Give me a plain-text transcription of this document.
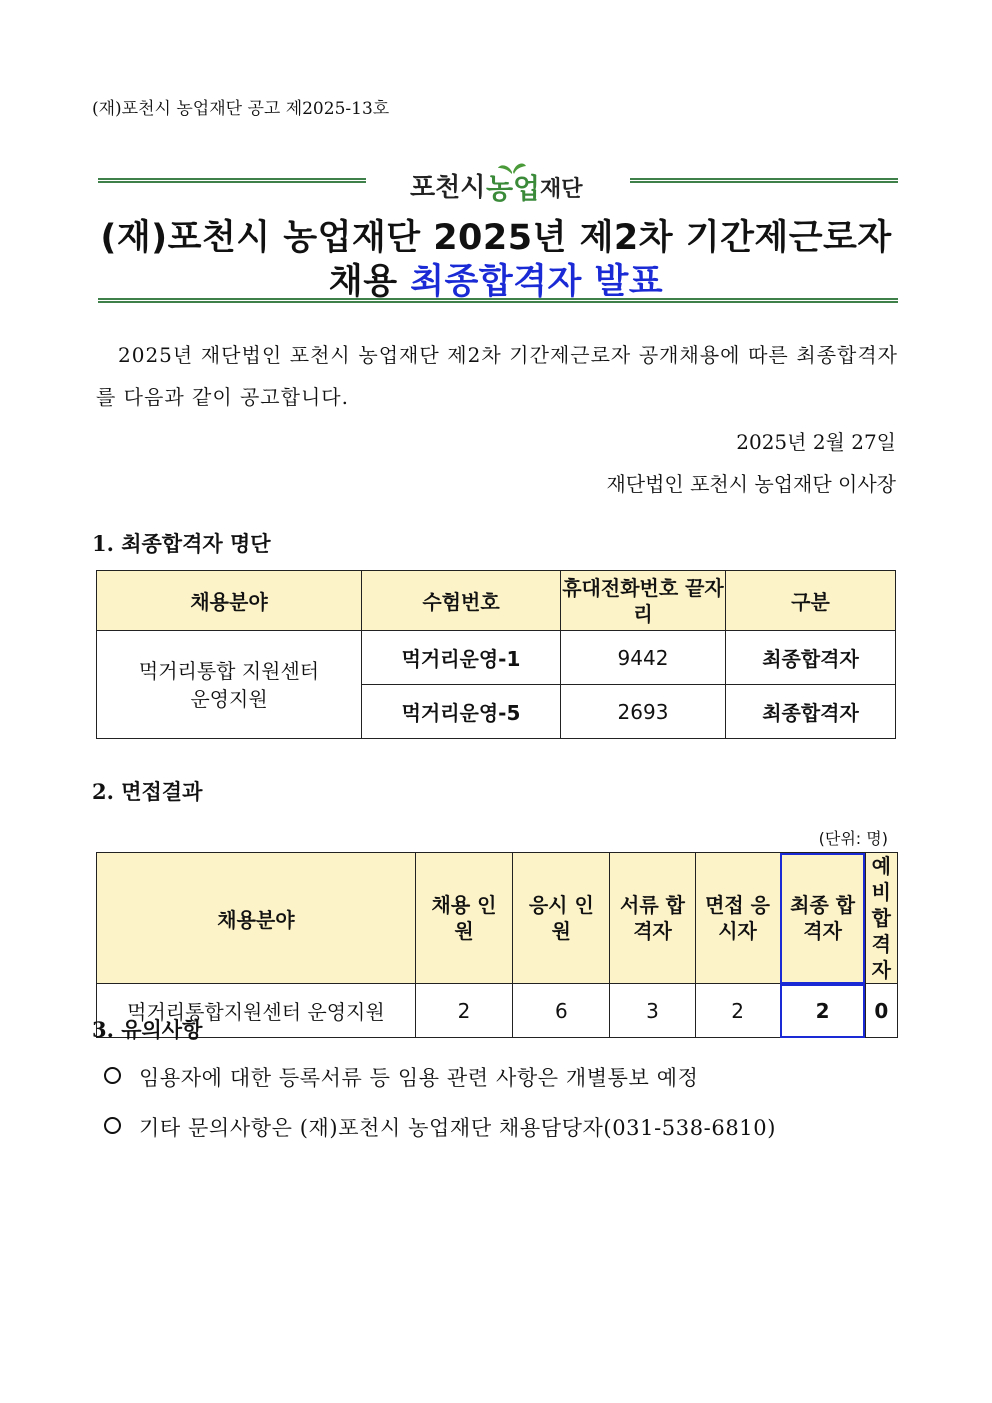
(재)포천시 농업재단 공고 제2025-13호
포천시 농업 재단
(재)포천시 농업재단 2025년 제2차 기간제근로자
채용 최종합격자 발표
2025년 재단법인 포천시 농업재단 제2차 기간제근로자 공개채용에 따른 최종합격자를 다음과 같이 공고합니다.
2025년 2월 27일
재단법인 포천시 농업재단 이사장
1. 최종합격자 명단
채용분야	수험번호	휴대전화번호 끝자리	구분
먹거리통합 지원센터 운영지원	먹거리운영-1	9442	최종합격자
	먹거리운영-5	2693	최종합격자
2. 면접결과
(단위: 명)
채용분야	채용 인원	응시 인원	서류 합격자	면접 응시자	최종 합격자	예비 합격자
먹거리통합지원센터 운영지원	2	6	3	2	2	0
3. 유의사항
임용자에 대한 등록서류 등 임용 관련 사항은 개별통보 예정
기타 문의사항은 (재)포천시 농업재단 채용담당자(031-538-6810)
